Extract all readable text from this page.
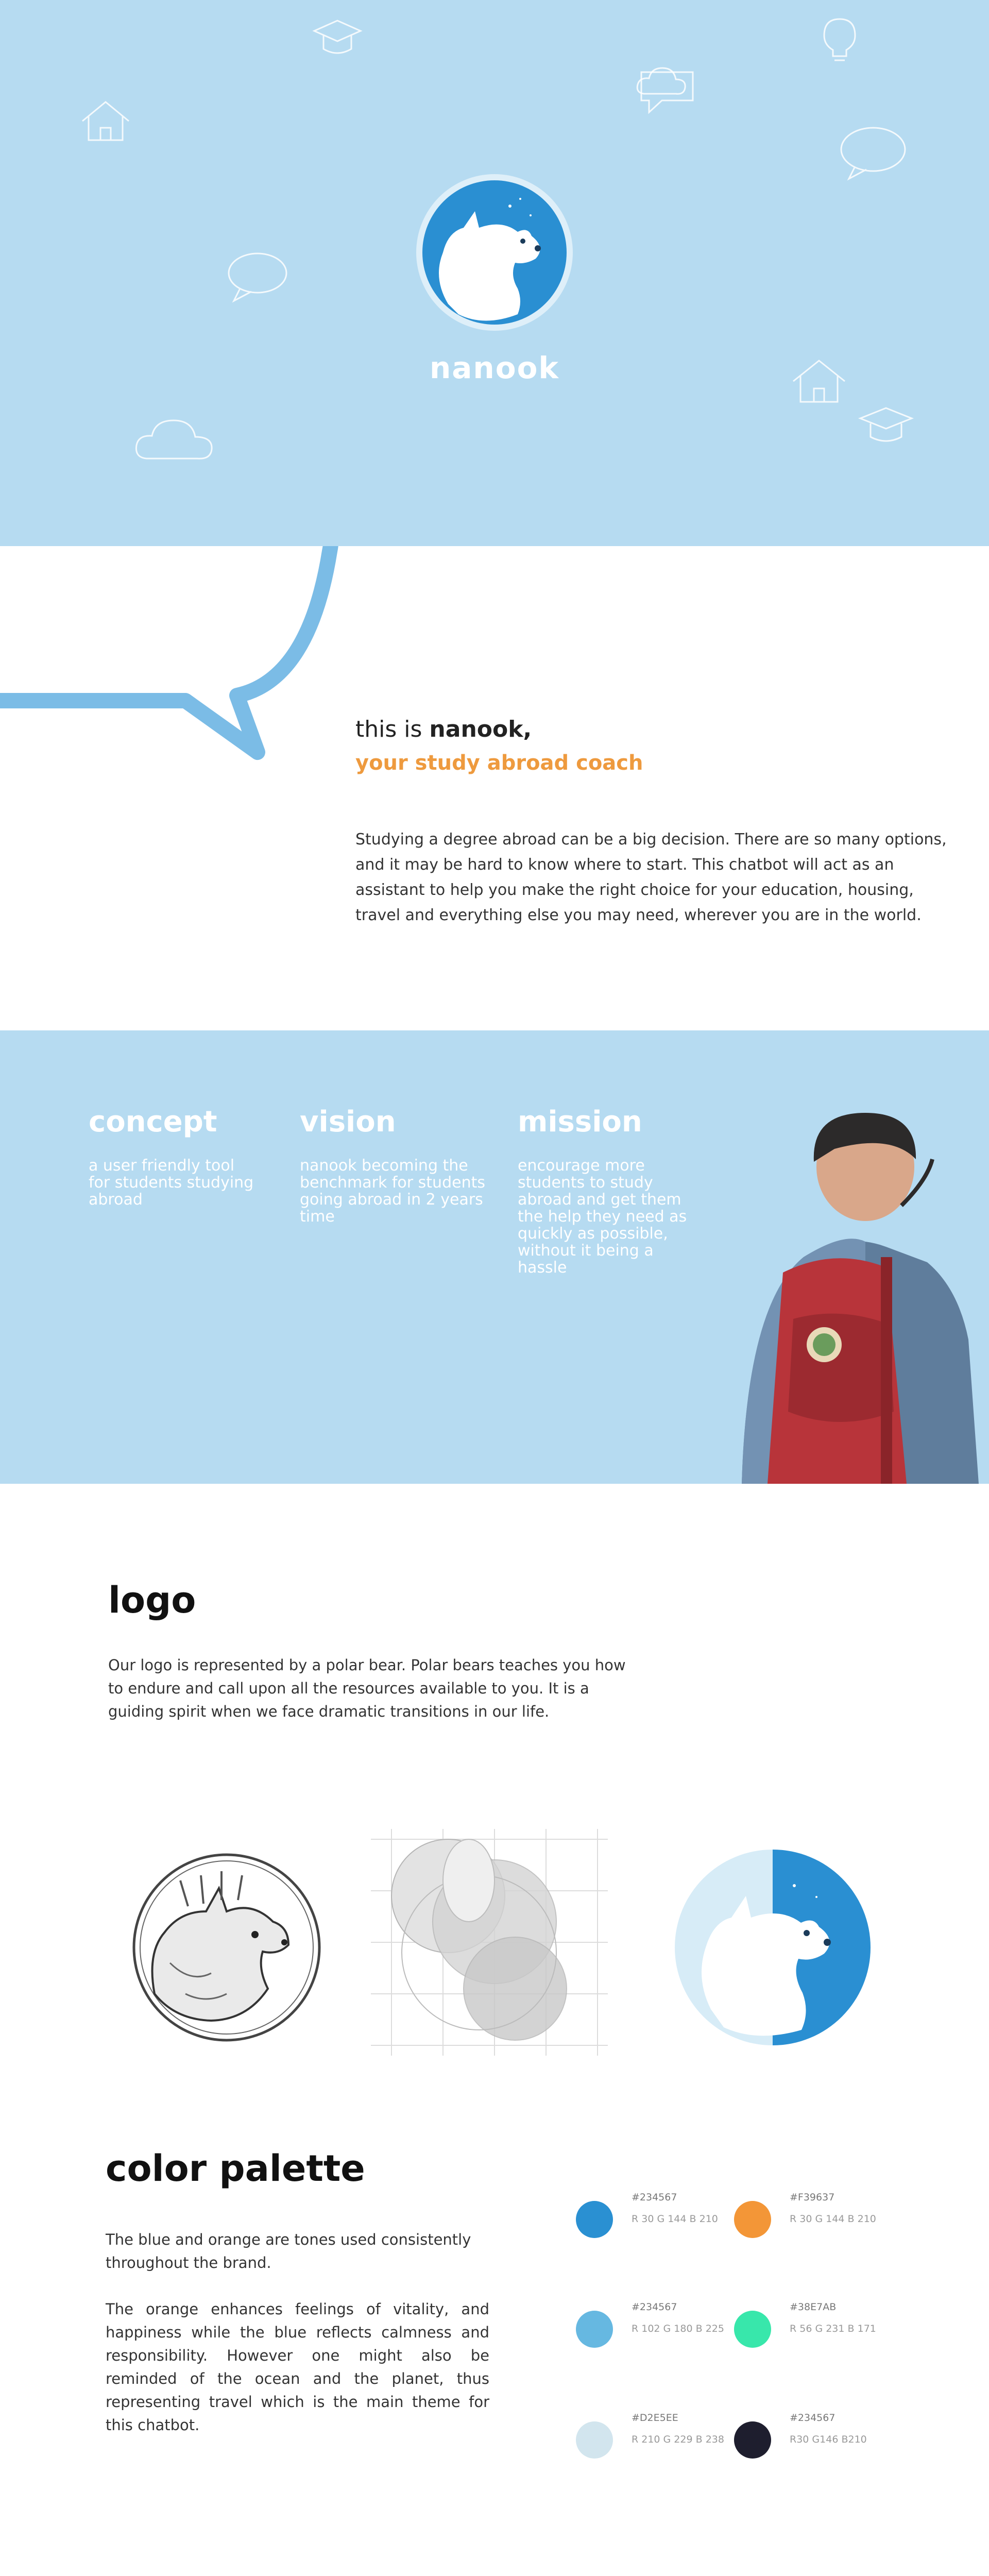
nanook
this is nanook,
your study abroad coach
Studying a degree abroad can be a big decision. There are so many options, and it may be hard to know where to start. This chatbot will act as an assistant to help you make the right choice for your education, housing, travel and everything else you may need, wherever you are in the world.
concept
a user friendly tool for students studying abroad
vision
nanook becoming the benchmark for students going abroad in 2 years time
mission
encourage more students to study abroad and get them the help they need as quickly as possible, without it being a hassle
logo
Our logo is represented by a polar bear. Polar bears teaches you how to endure and call upon all the resources available to you. It is a guiding spirit when we face dramatic transitions in our life.
color palette
The blue and orange are tones used consistently throughout the brand.
The orange enhances feelings of vitality, and happiness while the blue reflects calmness and responsibility. However one might also be reminded of the ocean and the planet, thus representing travel which is the main theme for this chatbot.
#234567
R 30 G 144 B 210
#F39637
R 30 G 144 B 210
#234567
R 102 G 180 B 225
#38E7AB
R 56 G 231 B 171
#D2E5EE
R 210 G 229 B 238
#234567
R30 G146 B210
